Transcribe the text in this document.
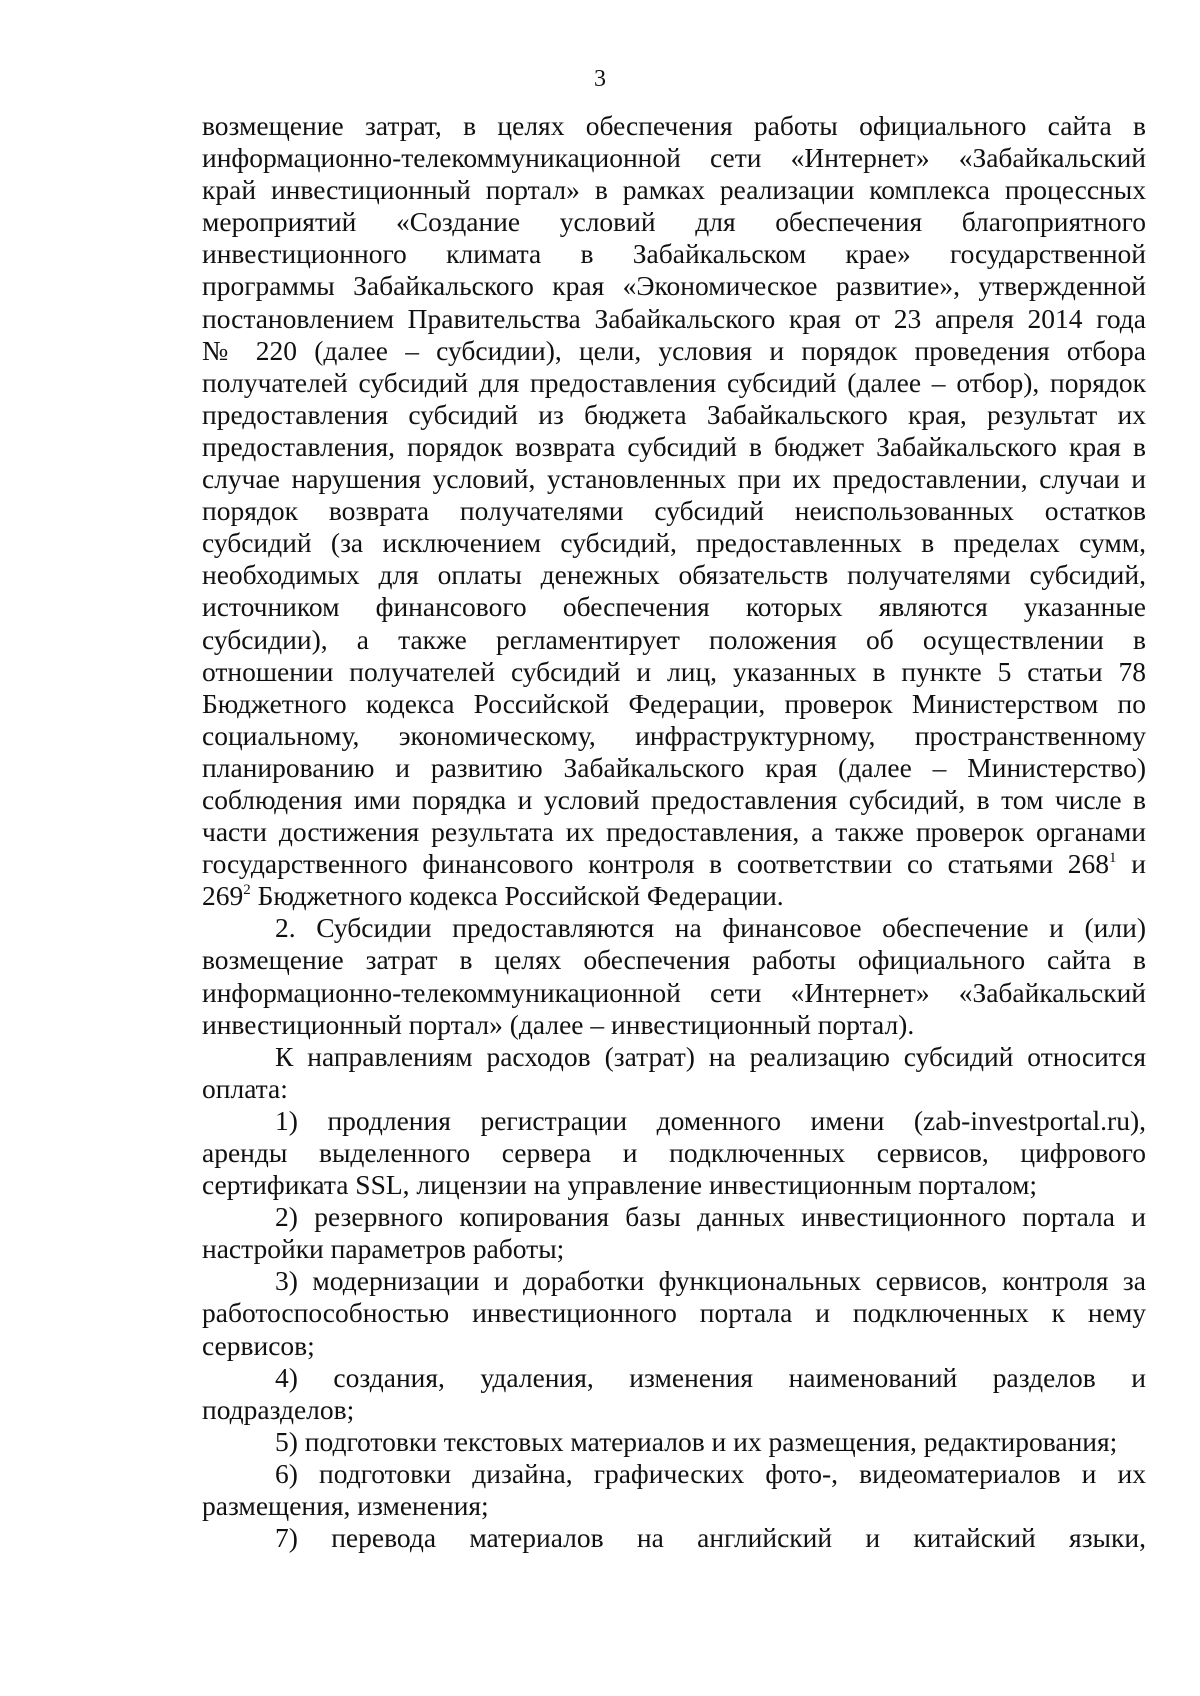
3
возмещение затрат, в целях обеспечения работы официального сайта в
информационно-телекоммуникационной сети «Интернет» «Забайкальский
край инвестиционный портал» в рамках реализации комплекса процессных
мероприятий «Создание условий для обеспечения благоприятного
инвестиционного климата в Забайкальском крае» государственной
программы Забайкальского края «Экономическое развитие», утвержденной
постановлением Правительства Забайкальского края от 23 апреля 2014 года
№ 220 (далее – субсидии), цели, условия и порядок проведения отбора
получателей субсидий для предоставления субсидий (далее – отбор), порядок
предоставления субсидий из бюджета Забайкальского края, результат их
предоставления, порядок возврата субсидий в бюджет Забайкальского края в
случае нарушения условий, установленных при их предоставлении, случаи и
порядок возврата получателями субсидий неиспользованных остатков
субсидий (за исключением субсидий, предоставленных в пределах сумм,
необходимых для оплаты денежных обязательств получателями субсидий,
источником финансового обеспечения которых являются указанные
субсидии), а также регламентирует положения об осуществлении в
отношении получателей субсидий и лиц, указанных в пункте 5 статьи 78
Бюджетного кодекса Российской Федерации, проверок Министерством по
социальному, экономическому, инфраструктурному, пространственному
планированию и развитию Забайкальского края (далее – Министерство)
соблюдения ими порядка и условий предоставления субсидий, в том числе в
части достижения результата их предоставления, а также проверок органами
государственного финансового контроля в соответствии со статьями $268^1$ и
$269^2$ Бюджетного кодекса Российской Федерации.
2. Субсидии предоставляются на финансовое обеспечение и (или)
возмещение затрат в целях обеспечения работы официального сайта в
информационно-телекоммуникационной сети «Интернет» «Забайкальский
инвестиционный портал» (далее – инвестиционный портал).
К направлениям расходов (затрат) на реализацию субсидий относится
оплата:
1) продления регистрации доменного имени (zab-investportal.ru),
аренды выделенного сервера и подключенных сервисов, цифрового
сертификата SSL, лицензии на управление инвестиционным порталом;
2) резервного копирования базы данных инвестиционного портала и
настройки параметров работы;
3) модернизации и доработки функциональных сервисов, контроля за
работоспособностью инвестиционного портала и подключенных к нему
сервисов;
4) создания, удаления, изменения наименований разделов и
подразделов;
5) подготовки текстовых материалов и их размещения, редактирования;
6) подготовки дизайна, графических фото-, видеоматериалов и их
размещения, изменения;
7) перевода материалов на английский и китайский языки,
